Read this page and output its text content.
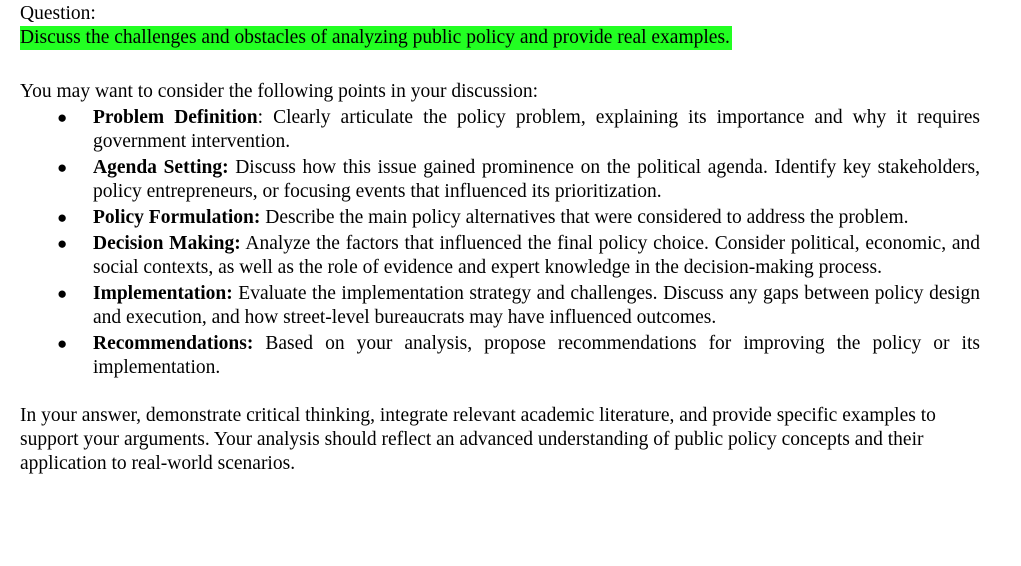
Question:

Discuss the challenges and obstacles of analyzing public policy and provide real examples.

You may want to consider the following points in your discussion:

● Problem Definition: Clearly articulate the policy problem, explaining its importance and why it requires government intervention.
● Agenda Setting: Discuss how this issue gained prominence on the political agenda. Identify key stakeholders, policy entrepreneurs, or focusing events that influenced its prioritization.
● Policy Formulation: Describe the main policy alternatives that were considered to address the problem.
● Decision Making: Analyze the factors that influenced the final policy choice. Consider political, economic, and social contexts, as well as the role of evidence and expert knowledge in the decision-making process.
● Implementation: Evaluate the implementation strategy and challenges. Discuss any gaps between policy design and execution, and how street-level bureaucrats may have influenced outcomes.
● Recommendations: Based on your analysis, propose recommendations for improving the policy or its implementation.

In your answer, demonstrate critical thinking, integrate relevant academic literature, and provide specific examples to support your arguments. Your analysis should reflect an advanced understanding of public policy concepts and their application to real-world scenarios.
